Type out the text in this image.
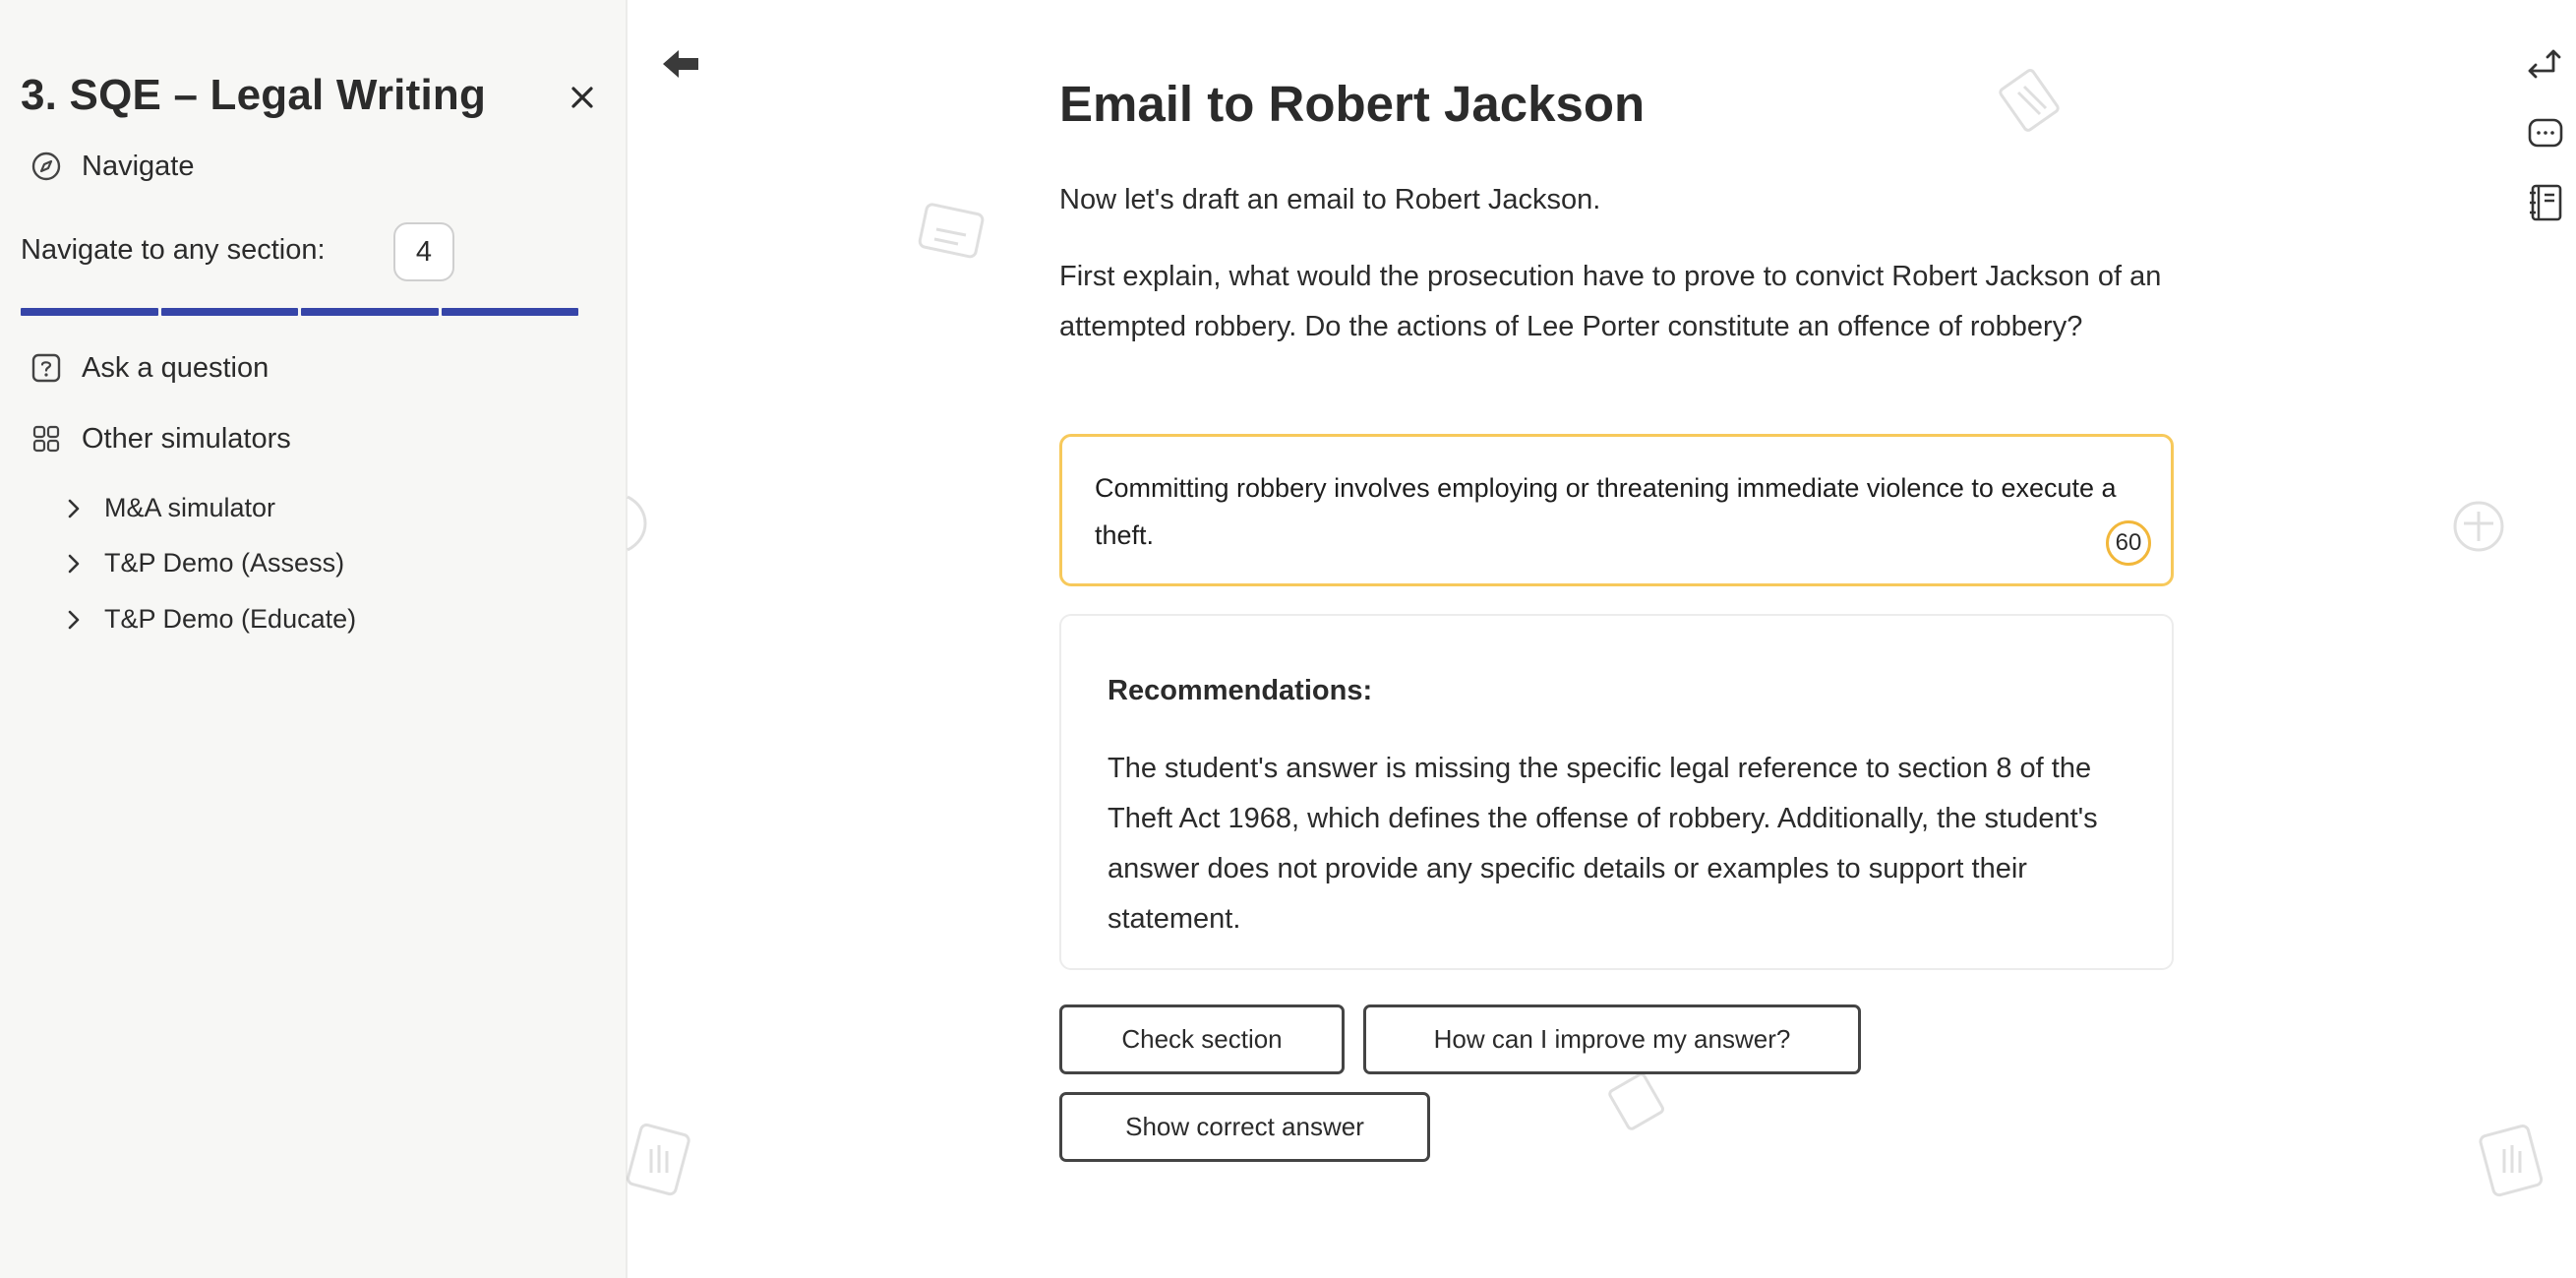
3. SQE – Legal Writing
Navigate
Navigate to any section:	4
Ask a question
Other simulators
M&A simulator
T&P Demo (Assess)
T&P Demo (Educate)
Email to Robert Jackson

Now let's draft an email to Robert Jackson.

First explain, what would the prosecution have to prove to convict Robert Jackson of an attempted robbery. Do the actions of Lee Porter constitute an offence of robbery?

Committing robbery involves employing or threatening immediate violence to execute a theft.	60
Recommendations:

The student's answer is missing the specific legal reference to section 8 of the Theft Act 1968, which defines the offense of robbery. Additionally, the student's answer does not provide any specific details or examples to support their statement.

Check section	How can I improve my answer?
Show correct answer
